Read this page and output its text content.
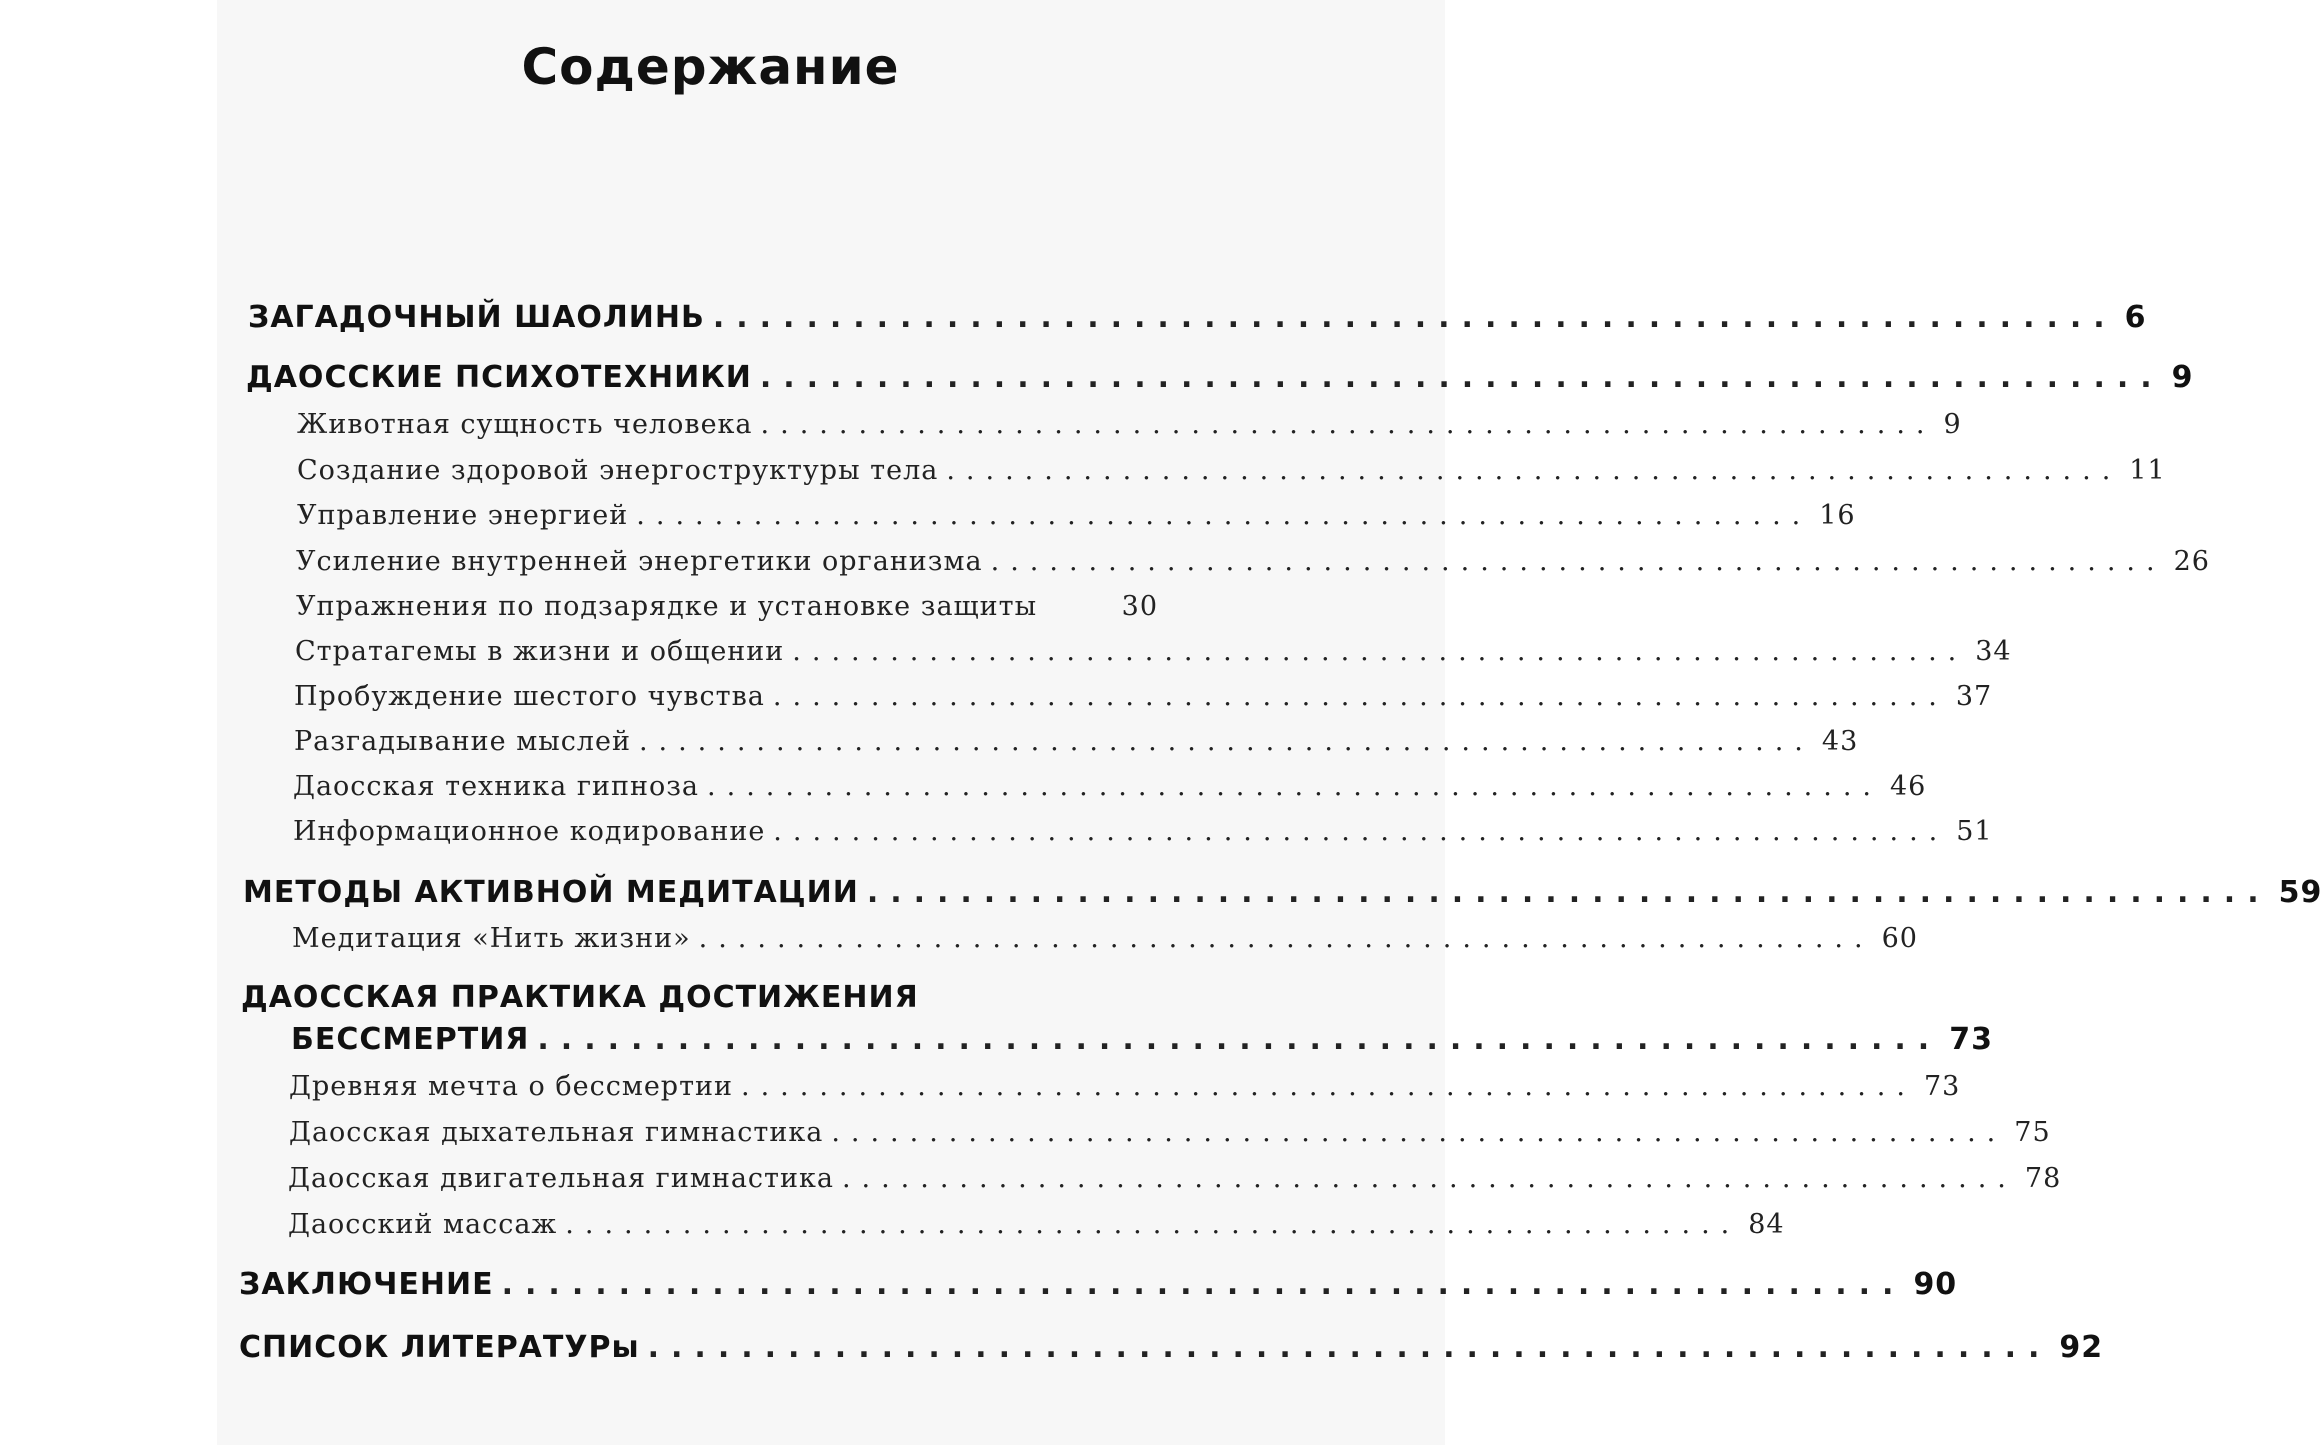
Содержание
ЗАГАДОЧНЫЙ ШАОЛИНЬ ............................................................ 6
ДАОССКИЕ ПСИХОТЕХНИКИ ............................................................ 9
Животная сущность человека ............................................................ 9
Создание здоровой энергоструктуры тела ............................................................ 11
Управление энергией ............................................................ 16
Усиление внутренней энергетики организма ............................................................ 26
Упражнения по подзарядке и установке защиты	30
Стратагемы в жизни и общении ............................................................ 34
Пробуждение шестого чувства ............................................................ 37
Разгадывание мыслей ............................................................ 43
Даосская техника гипноза ............................................................ 46
Информационное кодирование ............................................................ 51
МЕТОДЫ АКТИВНОЙ МЕДИТАЦИИ ............................................................ 59
Медитация «Нить жизни» ............................................................ 60
ДАОССКАЯ ПРАКТИКА ДОСТИЖЕНИЯ
БЕССМЕРТИЯ ............................................................ 73
Древняя мечта о бессмертии ............................................................ 73
Даосская дыхательная гимнастика ............................................................ 75
Даосская двигательная гимнастика ............................................................ 78
Даосский массаж ............................................................ 84
ЗАКЛЮЧЕНИЕ ............................................................ 90
СПИСОК ЛИТЕРАТУРы ............................................................ 92
